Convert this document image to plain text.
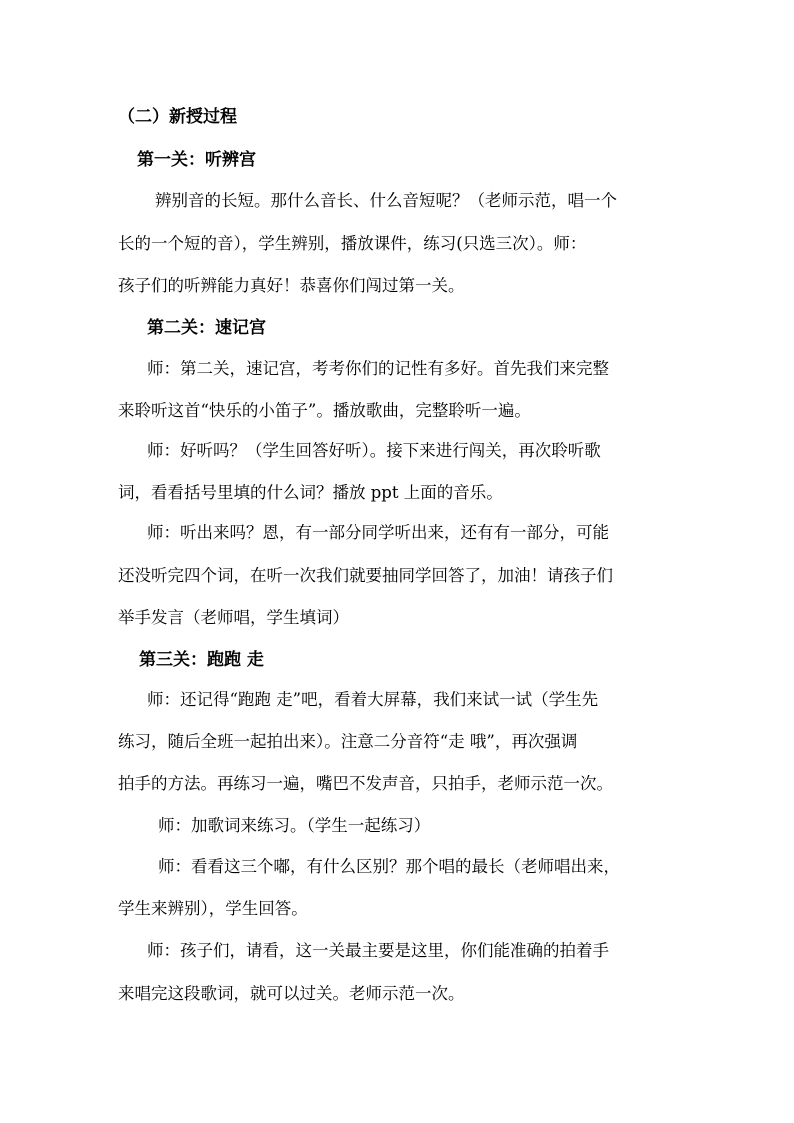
（二）新授过程
第一关：听辨宫
辨别音的长短。那什么音长、什么音短呢？（老师示范，唱一个
长的一个短的音），学生辨别，播放课件，练习(只选三次）。师：
孩子们的听辨能力真好！恭喜你们闯过第一关。
第二关：速记宫
师：第二关，速记宫，考考你们的记性有多好。首先我们来完整
来聆听这首“快乐的小笛子”。播放歌曲，完整聆听一遍。
师：好听吗？（学生回答好听）。接下来进行闯关，再次聆听歌
词，看看括号里填的什么词？播放 ppt 上面的音乐。
师：听出来吗？恩，有一部分同学听出来，还有有一部分，可能
还没听完四个词，在听一次我们就要抽同学回答了，加油！请孩子们
举手发言（老师唱，学生填词）
第三关：跑跑 走
师：还记得“跑跑 走”吧，看着大屏幕，我们来试一试（学生先
练习，随后全班一起拍出来）。注意二分音符“走 哦”，再次强调
拍手的方法。再练习一遍，嘴巴不发声音，只拍手，老师示范一次。
师：加歌词来练习。（学生一起练习）
师：看看这三个嘟，有什么区别？那个唱的最长（老师唱出来，
学生来辨别），学生回答。
师：孩子们，请看，这一关最主要是这里，你们能准确的拍着手
来唱完这段歌词，就可以过关。老师示范一次。
